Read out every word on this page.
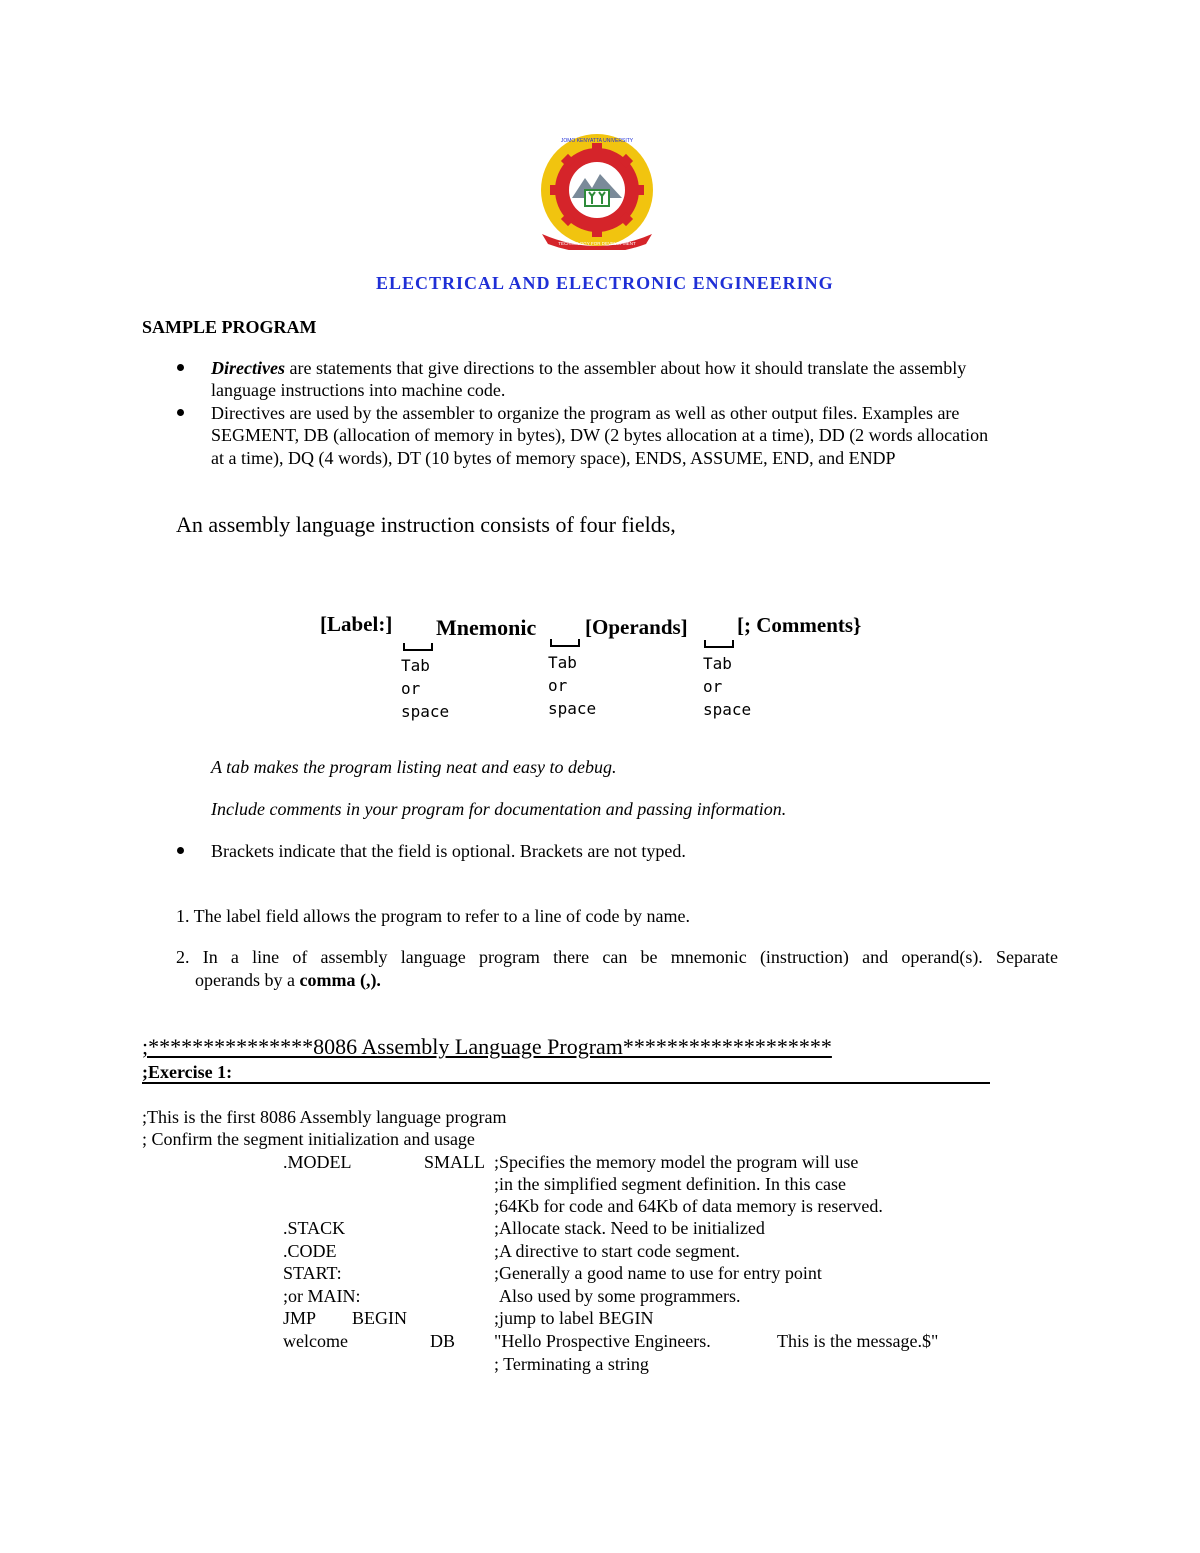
TECHNOLOGY FOR DEVELOPMENT
JOMO KENYATTA UNIVERSITY
ELECTRICAL AND ELECTRONIC ENGINEERING
SAMPLE PROGRAM
Directives are statements that give directions to the assembler about how it should translate the assembly
language instructions into machine code.
Directives are used by the assembler to organize the program as well as other output files. Examples are
SEGMENT, DB (allocation of memory in bytes), DW (2 bytes allocation at a time), DD (2 words allocation
at a time), DQ (4 words), DT (10 bytes of memory space), ENDS, ASSUME, END, and ENDP
An assembly language instruction consists of four fields,
[Label:] Mnemonic [Operands] [; Comments}
Tab
or
space
Tab
or
space
Tab
or
space
A tab makes the program listing neat and easy to debug.
Include comments in your program for documentation and passing information.
Brackets indicate that the field is optional. Brackets are not typed.
1. The label field allows the program to refer to a line of code by name.
2. In a line of assembly language program there can be mnemonic (instruction) and operand(s). Separate
operands by a comma (,).
;***************8086 Assembly Language Program*******************
;Exercise 1:
;This is the first 8086 Assembly language program
; Confirm the segment initialization and usage
.MODEL	SMALL ;Specifies the memory model the program will use
;in the simplified segment definition. In this case
;64Kb for code and 64Kb of data memory is reserved.
.STACK	;Allocate stack. Need to be initialized
.CODE	;A directive to start code segment.
START:	;Generally a good name to use for entry point
;or MAIN:	Also used by some programmers.
JMP BEGIN	;jump to label BEGIN
welcome	DB "Hello Prospective Engineers.	This is the message.$"
; Terminating a string
